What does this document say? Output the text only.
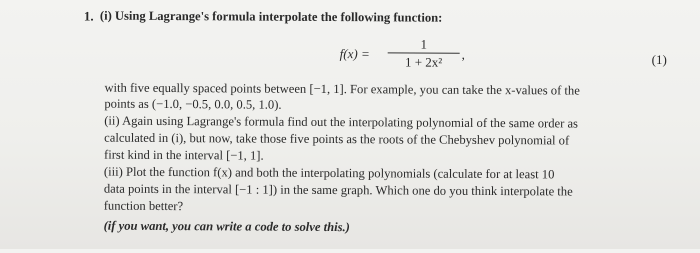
1. (i) Using Lagrange's formula interpolate the following function:
f(x) =
1
1 + 2x²
,	(1)
with five equally spaced points between [−1, 1]. For example, you can take the x-values of the
points as (−1.0, −0.5, 0.0, 0.5, 1.0).
(ii) Again using Lagrange's formula find out the interpolating polynomial of the same order as
calculated in (i), but now, take those five points as the roots of the Chebyshev polynomial of
first kind in the interval [−1, 1].
(iii) Plot the function f(x) and both the interpolating polynomials (calculate for at least 10
data points in the interval [−1 : 1]) in the same graph. Which one do you think interpolate the
function better?
(if you want, you can write a code to solve this.)
